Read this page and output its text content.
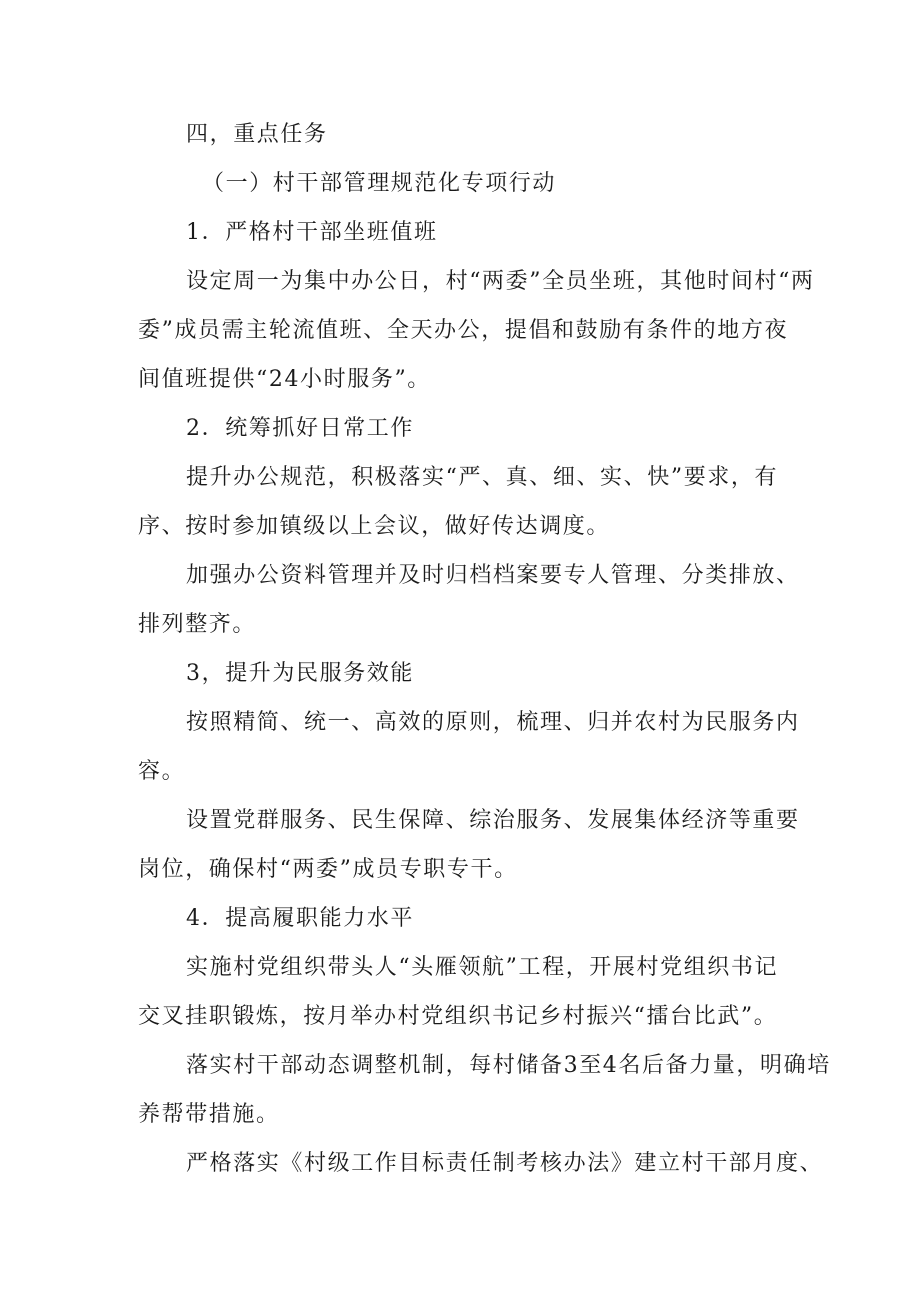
四，重点任务
（一）村干部管理规范化专项行动
1．严格村干部坐班值班
设定周一为集中办公日，村“两委”全员坐班，其他时间村“两
委”成员需主轮流值班、全天办公，提倡和鼓励有条件的地方夜
间值班提供“24小时服务”。
2．统筹抓好日常工作
提升办公规范，积极落实“严、真、细、实、快”要求，有
序、按时参加镇级以上会议，做好传达调度。
加强办公资料管理并及时归档档案要专人管理、分类排放、
排列整齐。
3，提升为民服务效能
按照精简、统一、高效的原则，梳理、归并农村为民服务内
容。
设置党群服务、民生保障、综治服务、发展集体经济等重要
岗位，确保村“两委”成员专职专干。
4．提高履职能力水平
实施村党组织带头人“头雁领航”工程，开展村党组织书记
交叉挂职锻炼，按月举办村党组织书记乡村振兴“擂台比武”。
落实村干部动态调整机制，每村储备3至4名后备力量，明确培
养帮带措施。
严格落实《村级工作目标责任制考核办法》建立村干部月度、
